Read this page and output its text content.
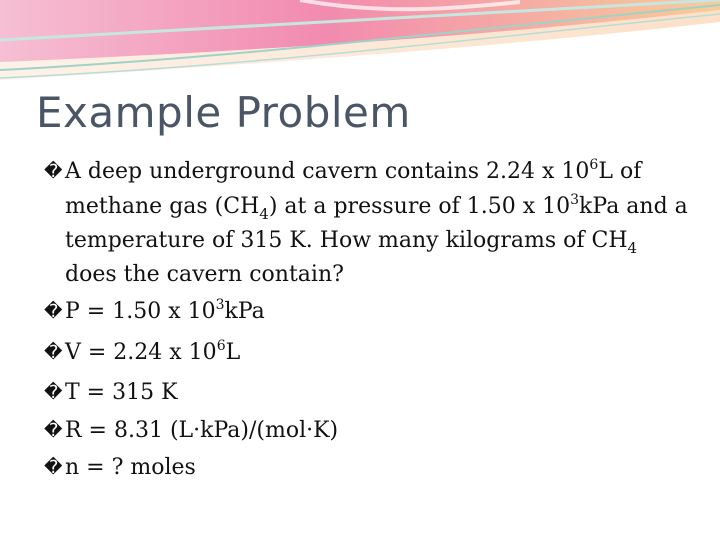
Example Problem
� A deep underground cavern contains 2.24 x $10^6L$ of methane gas $(CH_4)$ at a pressure of 1.50 x $10^3kPa$ and a temperature of 315 K. How many kilograms of $CH_4$ does the cavern contain?
� P = 1.50 x $10^3kPa$
� V = 2.24 x $10^6L$
� T = 315 K
� R = 8.31 (L·kPa)/(mol·K)
� n = ? moles
